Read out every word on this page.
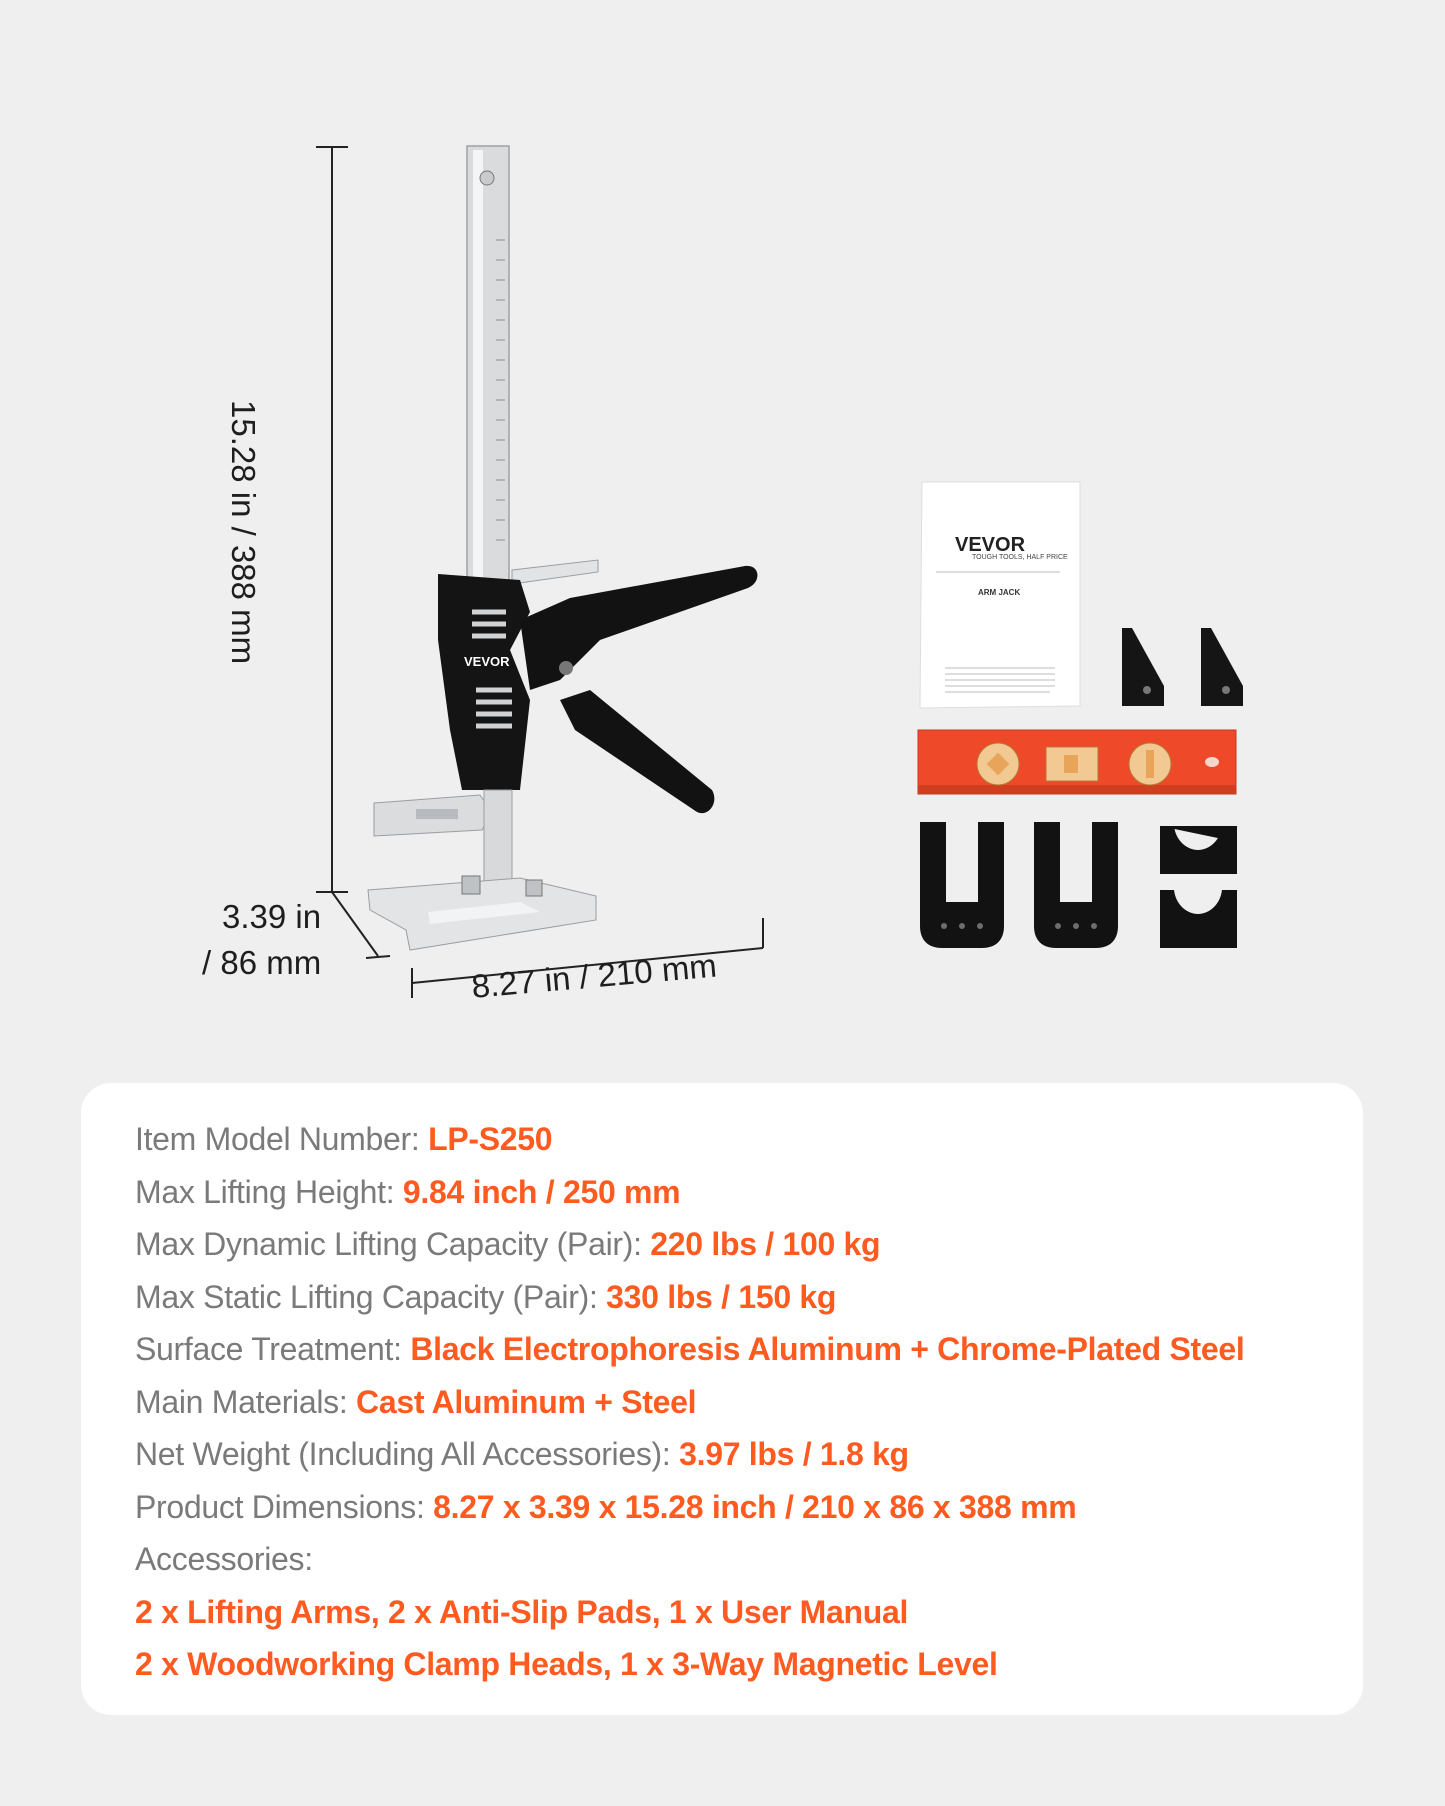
VEVOR
VEVOR
TOUGH TOOLS, HALF PRICE
ARM JACK
15.28 in / 388 mm
3.39 in
/ 86 mm	8.27 in / 210 mm
Item Model Number: LP-S250
Max Lifting Height: 9.84 inch / 250 mm
Max Dynamic Lifting Capacity (Pair): 220 lbs / 100 kg
Max Static Lifting Capacity (Pair): 330 lbs / 150 kg
Surface Treatment: Black Electrophoresis Aluminum + Chrome-Plated Steel
Main Materials: Cast Aluminum + Steel
Net Weight (Including All Accessories): 3.97 lbs / 1.8 kg
Product Dimensions: 8.27 x 3.39 x 15.28 inch / 210 x 86 x 388 mm
Accessories:
2 x Lifting Arms, 2 x Anti-Slip Pads, 1 x User Manual
2 x Woodworking Clamp Heads, 1 x 3-Way Magnetic Level
